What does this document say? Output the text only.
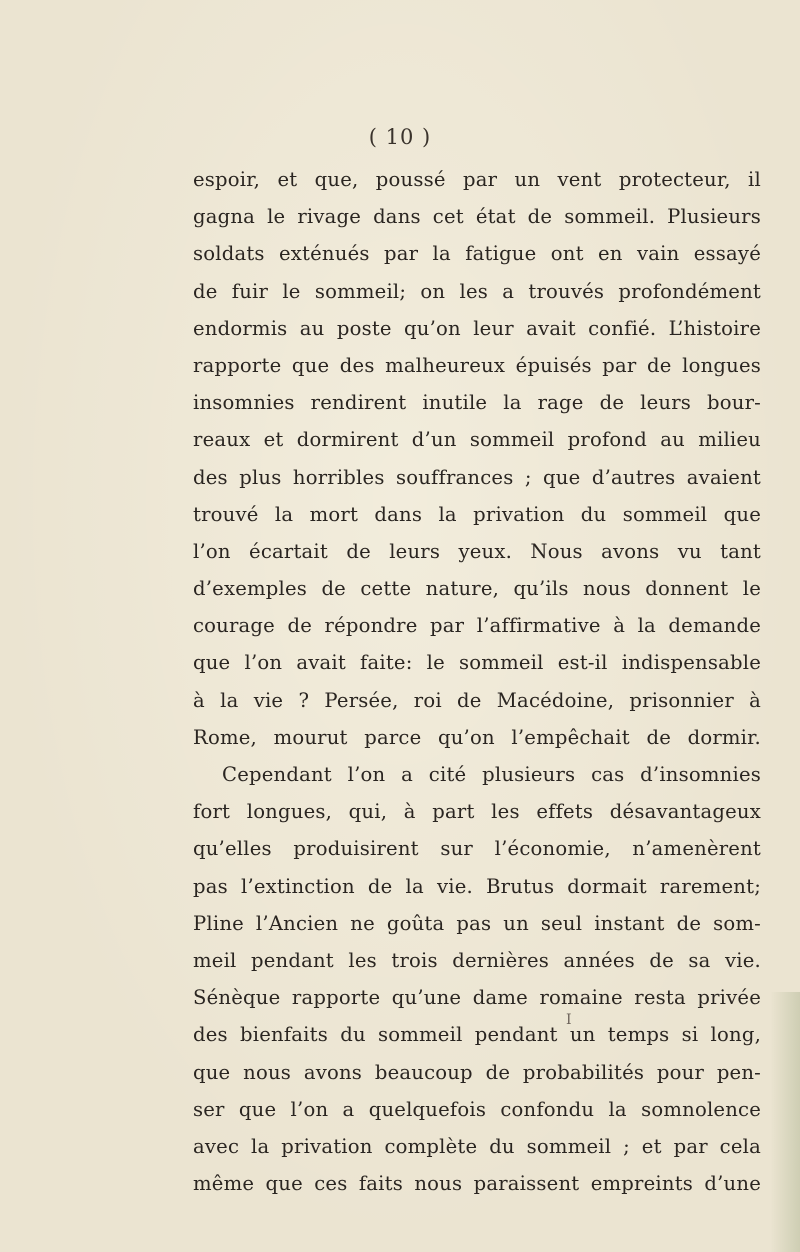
( 10 )
espoir, et que, poussé par un vent protecteur, il
gagna le rivage dans cet état de sommeil. Plusieurs
soldats exténués par la fatigue ont en vain essayé
de fuir le sommeil; on les a trouvés profondément
endormis au poste qu’on leur avait confié. L’histoire
rapporte que des malheureux épuisés par de longues
insomnies rendirent inutile la rage de leurs bour-
reaux et dormirent d’un sommeil profond au milieu
des plus horribles souffrances ; que d’autres avaient
trouvé la mort dans la privation du sommeil que
l’on écartait de leurs yeux. Nous avons vu tant
d’exemples de cette nature, qu’ils nous donnent le
courage de répondre par l’affirmative à la demande
que l’on avait faite: le sommeil est-il indispensable
à la vie ? Persée, roi de Macédoine, prisonnier à
Rome, mourut parce qu’on l’empêchait de dormir.
Cependant l’on a cité plusieurs cas d’insomnies
fort longues, qui, à part les effets désavantageux
qu’elles produisirent sur l’économie, n’amenèrent
pas l’extinction de la vie. Brutus dormait rarement;
Pline l’Ancien ne goûta pas un seul instant de som-
meil pendant les trois dernières années de sa vie.
Sénèque rapporte qu’une dame romaine resta privée
des bienfaits du sommeil pendant un temps si long,
que nous avons beaucoup de probabilités pour pen-
ser que l’on a quelquefois confondu la somnolence
avec la privation complète du sommeil ; et par cela
même que ces faits nous paraissent empreints d’une
I
